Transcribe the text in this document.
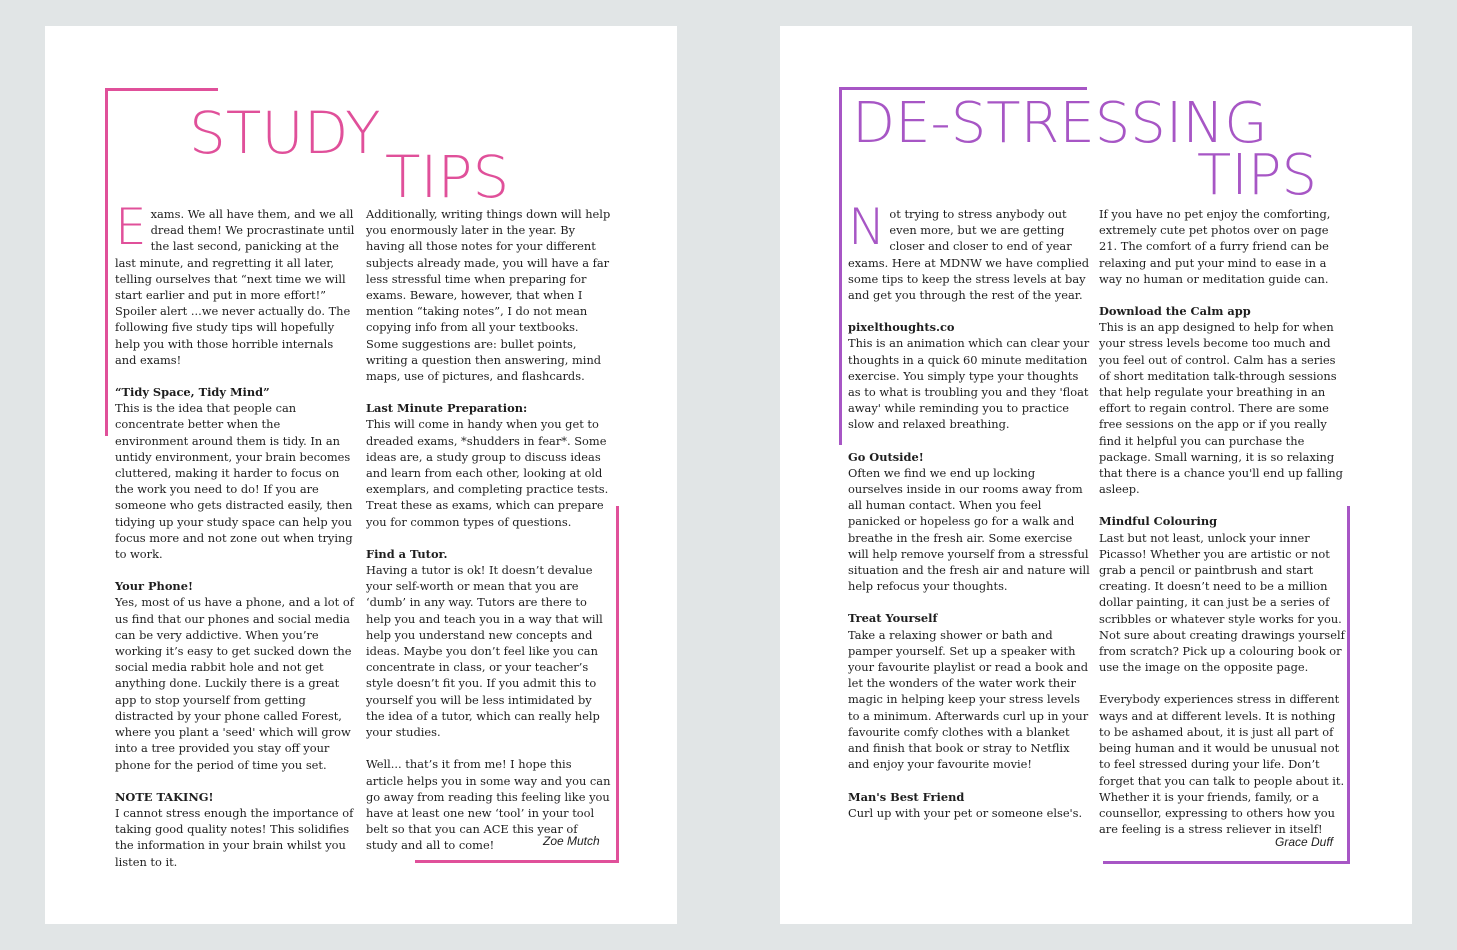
STUDY
TIPS

Exams. We all have them, and we all dread them! We procrastinate until the last second, panicking at the last minute, and regretting it all later, telling ourselves that “next time we will start earlier and put in more effort!” Spoiler alert ...we never actually do. The following five study tips will hopefully help you with those horrible internals and exams!

“Tidy Space, Tidy Mind”
This is the idea that people can concentrate better when the environment around them is tidy. In an untidy environment, your brain becomes cluttered, making it harder to focus on the work you need to do! If you are someone who gets distracted easily, then tidying up your study space can help you focus more and not zone out when trying to work.

Your Phone!
Yes, most of us have a phone, and a lot of us find that our phones and social media can be very addictive. When you’re working it’s easy to get sucked down the social media rabbit hole and not get anything done. Luckily there is a great app to stop yourself from getting distracted by your phone called Forest, where you plant a 'seed' which will grow into a tree provided you stay off your phone for the period of time you set.

NOTE TAKING!
I cannot stress enough the importance of taking good quality notes! This solidifies the information in your brain whilst you listen to it.

Additionally, writing things down will help you enormously later in the year. By having all those notes for your different subjects already made, you will have a far less stressful time when preparing for exams. Beware, however, that when I mention “taking notes”, I do not mean copying info from all your textbooks. Some suggestions are: bullet points, writing a question then answering, mind maps, use of pictures, and flashcards.

Last Minute Preparation:
This will come in handy when you get to dreaded exams, *shudders in fear*. Some ideas are, a study group to discuss ideas and learn from each other, looking at old exemplars, and completing practice tests. Treat these as exams, which can prepare you for common types of questions.

Find a Tutor.
Having a tutor is ok! It doesn’t devalue your self-worth or mean that you are ‘dumb’ in any way. Tutors are there to help you and teach you in a way that will help you understand new concepts and ideas. Maybe you don’t feel like you can concentrate in class, or your teacher’s style doesn’t fit you. If you admit this to yourself you will be less intimidated by the idea of a tutor, which can really help your studies.

Well... that’s it from me! I hope this article helps you in some way and you can go away from reading this feeling like you have at least one new ‘tool’ in your tool belt so that you can ACE this year of study and all to come!	Zoe Mutch
DE-STRESSING
TIPS

Not trying to stress anybody out even more, but we are getting closer and closer to end of year exams. Here at MDNW we have complied some tips to keep the stress levels at bay and get you through the rest of the year.

pixelthoughts.co
This is an animation which can clear your thoughts in a quick 60 minute meditation exercise. You simply type your thoughts as to what is troubling you and they 'float away' while reminding you to practice slow and relaxed breathing.

Go Outside!
Often we find we end up locking ourselves inside in our rooms away from all human contact. When you feel panicked or hopeless go for a walk and breathe in the fresh air. Some exercise will help remove yourself from a stressful situation and the fresh air and nature will help refocus your thoughts.

Treat Yourself
Take a relaxing shower or bath and pamper yourself. Set up a speaker with your favourite playlist or read a book and let the wonders of the water work their magic in helping keep your stress levels to a minimum. Afterwards curl up in your favourite comfy clothes with a blanket and finish that book or stray to Netflix and enjoy your favourite movie!

Man's Best Friend
Curl up with your pet or someone else's.

If you have no pet enjoy the comforting, extremely cute pet photos over on page 21. The comfort of a furry friend can be relaxing and put your mind to ease in a way no human or meditation guide can.

Download the Calm app
This is an app designed to help for when your stress levels become too much and you feel out of control. Calm has a series of short meditation talk-through sessions that help regulate your breathing in an effort to regain control. There are some free sessions on the app or if you really find it helpful you can purchase the package. Small warning, it is so relaxing that there is a chance you'll end up falling asleep.

Mindful Colouring
Last but not least, unlock your inner Picasso! Whether you are artistic or not grab a pencil or paintbrush and start creating. It doesn’t need to be a million dollar painting, it can just be a series of scribbles or whatever style works for you. Not sure about creating drawings yourself from scratch? Pick up a colouring book or use the image on the opposite page.

Everybody experiences stress in different ways and at different levels. It is nothing to be ashamed about, it is just all part of being human and it would be unusual not to feel stressed during your life. Don’t forget that you can talk to people about it. Whether it is your friends, family, or a counsellor, expressing to others how you are feeling is a stress reliever in itself!

Grace Duff
